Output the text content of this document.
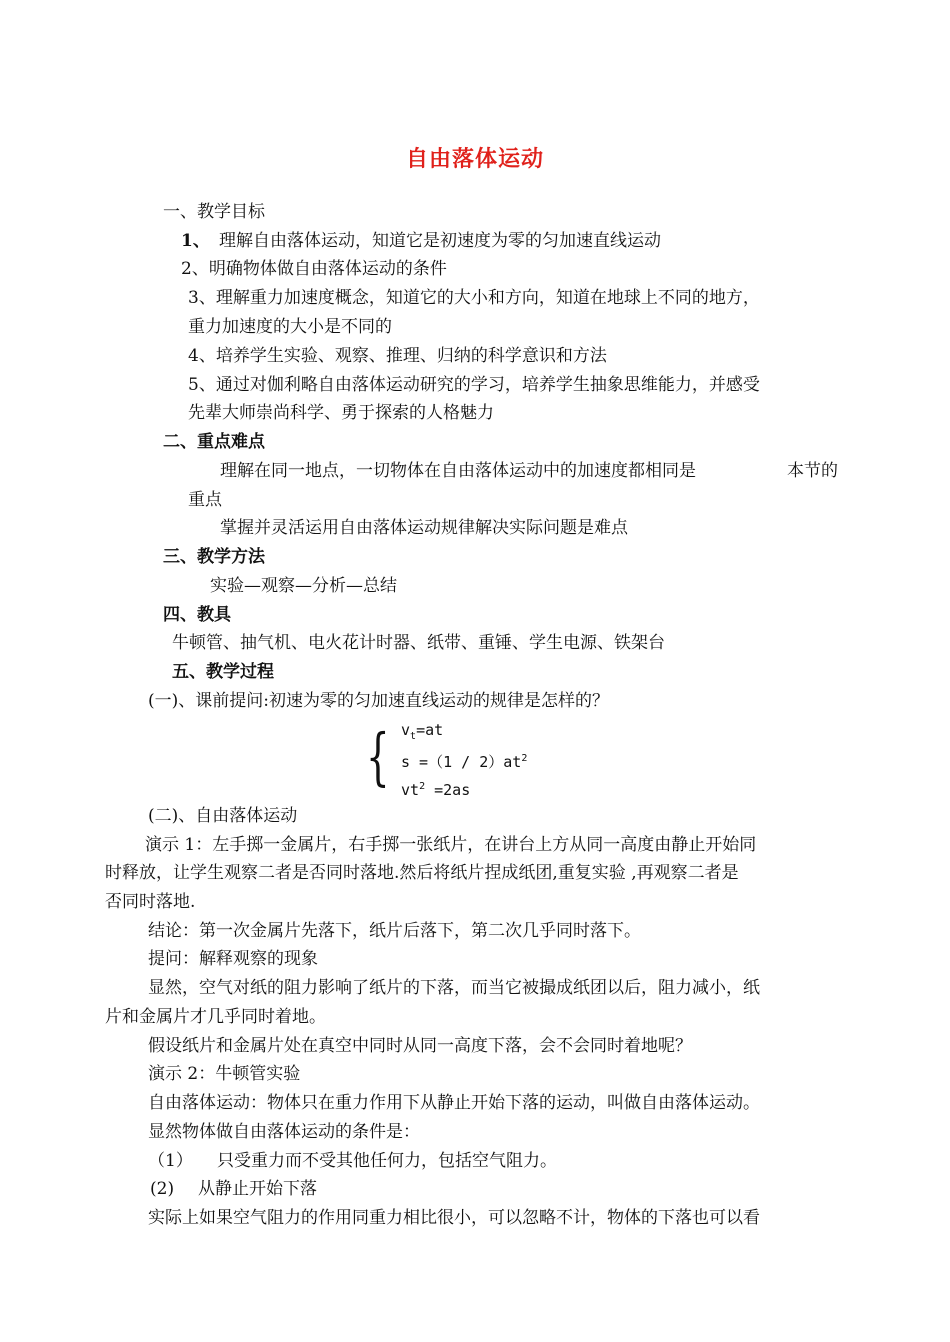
自由落体运动
一、教学目标
1、 理解自由落体运动，知道它是初速度为零的匀加速直线运动
2、明确物体做自由落体运动的条件
3、理解重力加速度概念，知道它的大小和方向，知道在地球上不同的地方，
重力加速度的大小是不同的
4、培养学生实验、观察、推理、归纳的科学意识和方法
5、通过对伽利略自由落体运动研究的学习，培养学生抽象思维能力，并感受
先辈大师崇尚科学、勇于探索的人格魅力
二、重点难点
理解在同一地点，一切物体在自由落体运动中的加速度都相同是	本节的
重点
掌握并灵活运用自由落体运动规律解决实际问题是难点
三、教学方法
实验—观察—分析—总结
四、教具
牛顿管、抽气机、电火花计时器、纸带、重锤、学生电源、铁架台
五、教学过程
(一)、课前提问:初速为零的匀加速直线运动的规律是怎样的？
{ $v_t=at$
$s =(1 / 2)at^2$
$vt^2 =2as$
(二)、自由落体运动
演示 1：左手掷一金属片，右手掷一张纸片，在讲台上方从同一高度由静止开始同
时释放，让学生观察二者是否同时落地.然后将纸片捏成纸团,重复实验 ,再观察二者是
否同时落地.
结论：第一次金属片先落下，纸片后落下，第二次几乎同时落下。
提问：解释观察的现象
显然，空气对纸的阻力影响了纸片的下落，而当它被撮成纸团以后，阻力减小，纸
片和金属片才几乎同时着地。
假设纸片和金属片处在真空中同时从同一高度下落，会不会同时着地呢？
演示 2：牛顿管实验
自由落体运动：物体只在重力作用下从静止开始下落的运动，叫做自由落体运动。
显然物体做自由落体运动的条件是：
（1） 只受重力而不受其他任何力，包括空气阻力。
(2) 从静止开始下落
实际上如果空气阻力的作用同重力相比很小，可以忽略不计，物体的下落也可以看
